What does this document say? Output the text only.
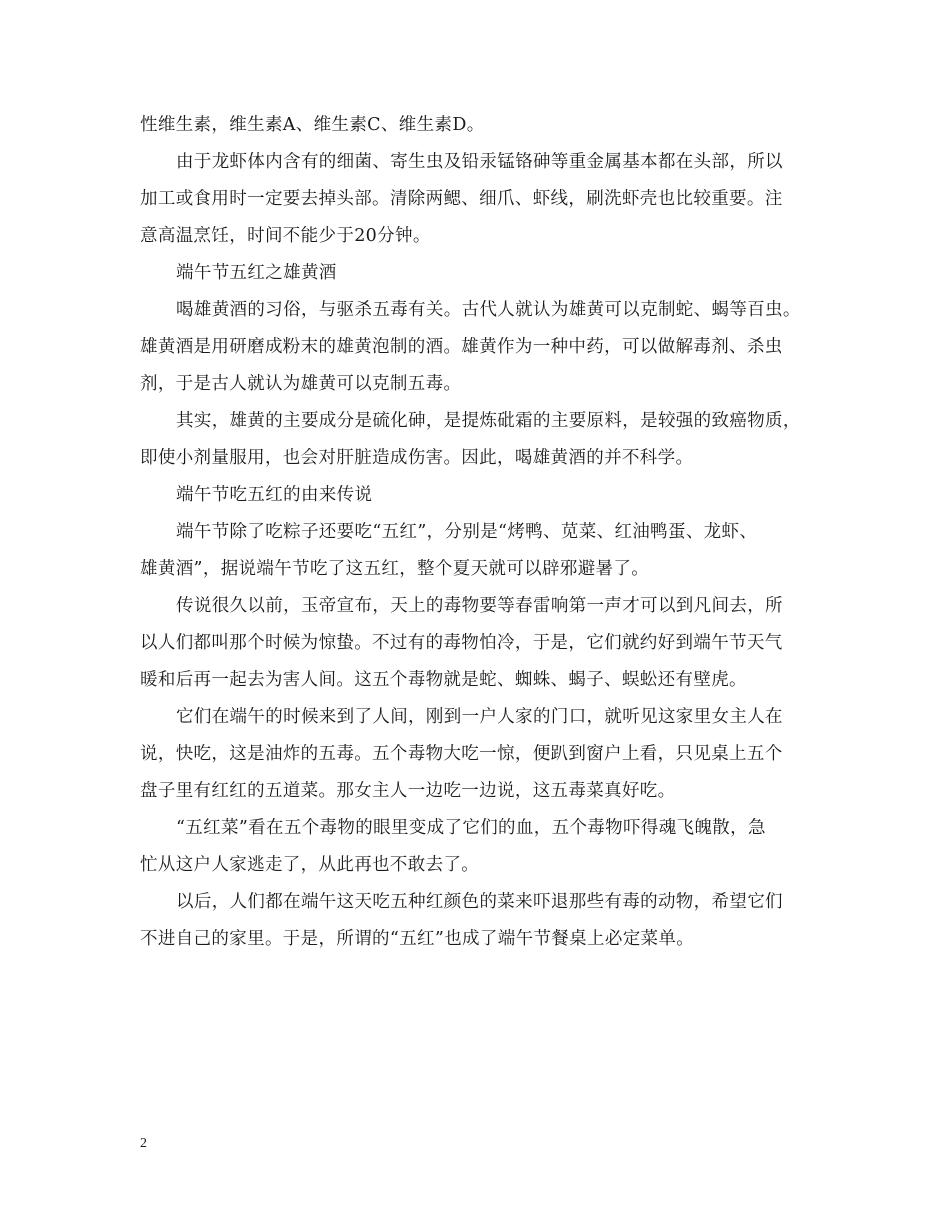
性维生素，维生素A、维生素C、维生素D。
由于龙虾体内含有的细菌、寄生虫及铅汞锰铬砷等重金属基本都在头部，所以
加工或食用时一定要去掉头部。清除两鳃、细爪、虾线，刷洗虾壳也比较重要。注
意高温烹饪，时间不能少于20分钟。
端午节五红之雄黄酒
喝雄黄酒的习俗，与驱杀五毒有关。古代人就认为雄黄可以克制蛇、蝎等百虫。
雄黄酒是用研磨成粉末的雄黄泡制的酒。雄黄作为一种中药，可以做解毒剂、杀虫
剂，于是古人就认为雄黄可以克制五毒。
其实，雄黄的主要成分是硫化砷，是提炼砒霜的主要原料，是较强的致癌物质，
即使小剂量服用，也会对肝脏造成伤害。因此，喝雄黄酒的并不科学。
端午节吃五红的由来传说
端午节除了吃粽子还要吃“五红”，分别是“烤鸭、苋菜、红油鸭蛋、龙虾、
雄黄酒”，据说端午节吃了这五红，整个夏天就可以辟邪避暑了。
传说很久以前，玉帝宣布，天上的毒物要等春雷响第一声才可以到凡间去，所
以人们都叫那个时候为惊蛰。不过有的毒物怕冷，于是，它们就约好到端午节天气
暖和后再一起去为害人间。这五个毒物就是蛇、蜘蛛、蝎子、蜈蚣还有壁虎。
它们在端午的时候来到了人间，刚到一户人家的门口，就听见这家里女主人在
说，快吃，这是油炸的五毒。五个毒物大吃一惊，便趴到窗户上看，只见桌上五个
盘子里有红红的五道菜。那女主人一边吃一边说，这五毒菜真好吃。
“五红菜”看在五个毒物的眼里变成了它们的血，五个毒物吓得魂飞魄散，急
忙从这户人家逃走了，从此再也不敢去了。
以后，人们都在端午这天吃五种红颜色的菜来吓退那些有毒的动物，希望它们
不进自己的家里。于是，所谓的“五红”也成了端午节餐桌上必定菜单。
2
